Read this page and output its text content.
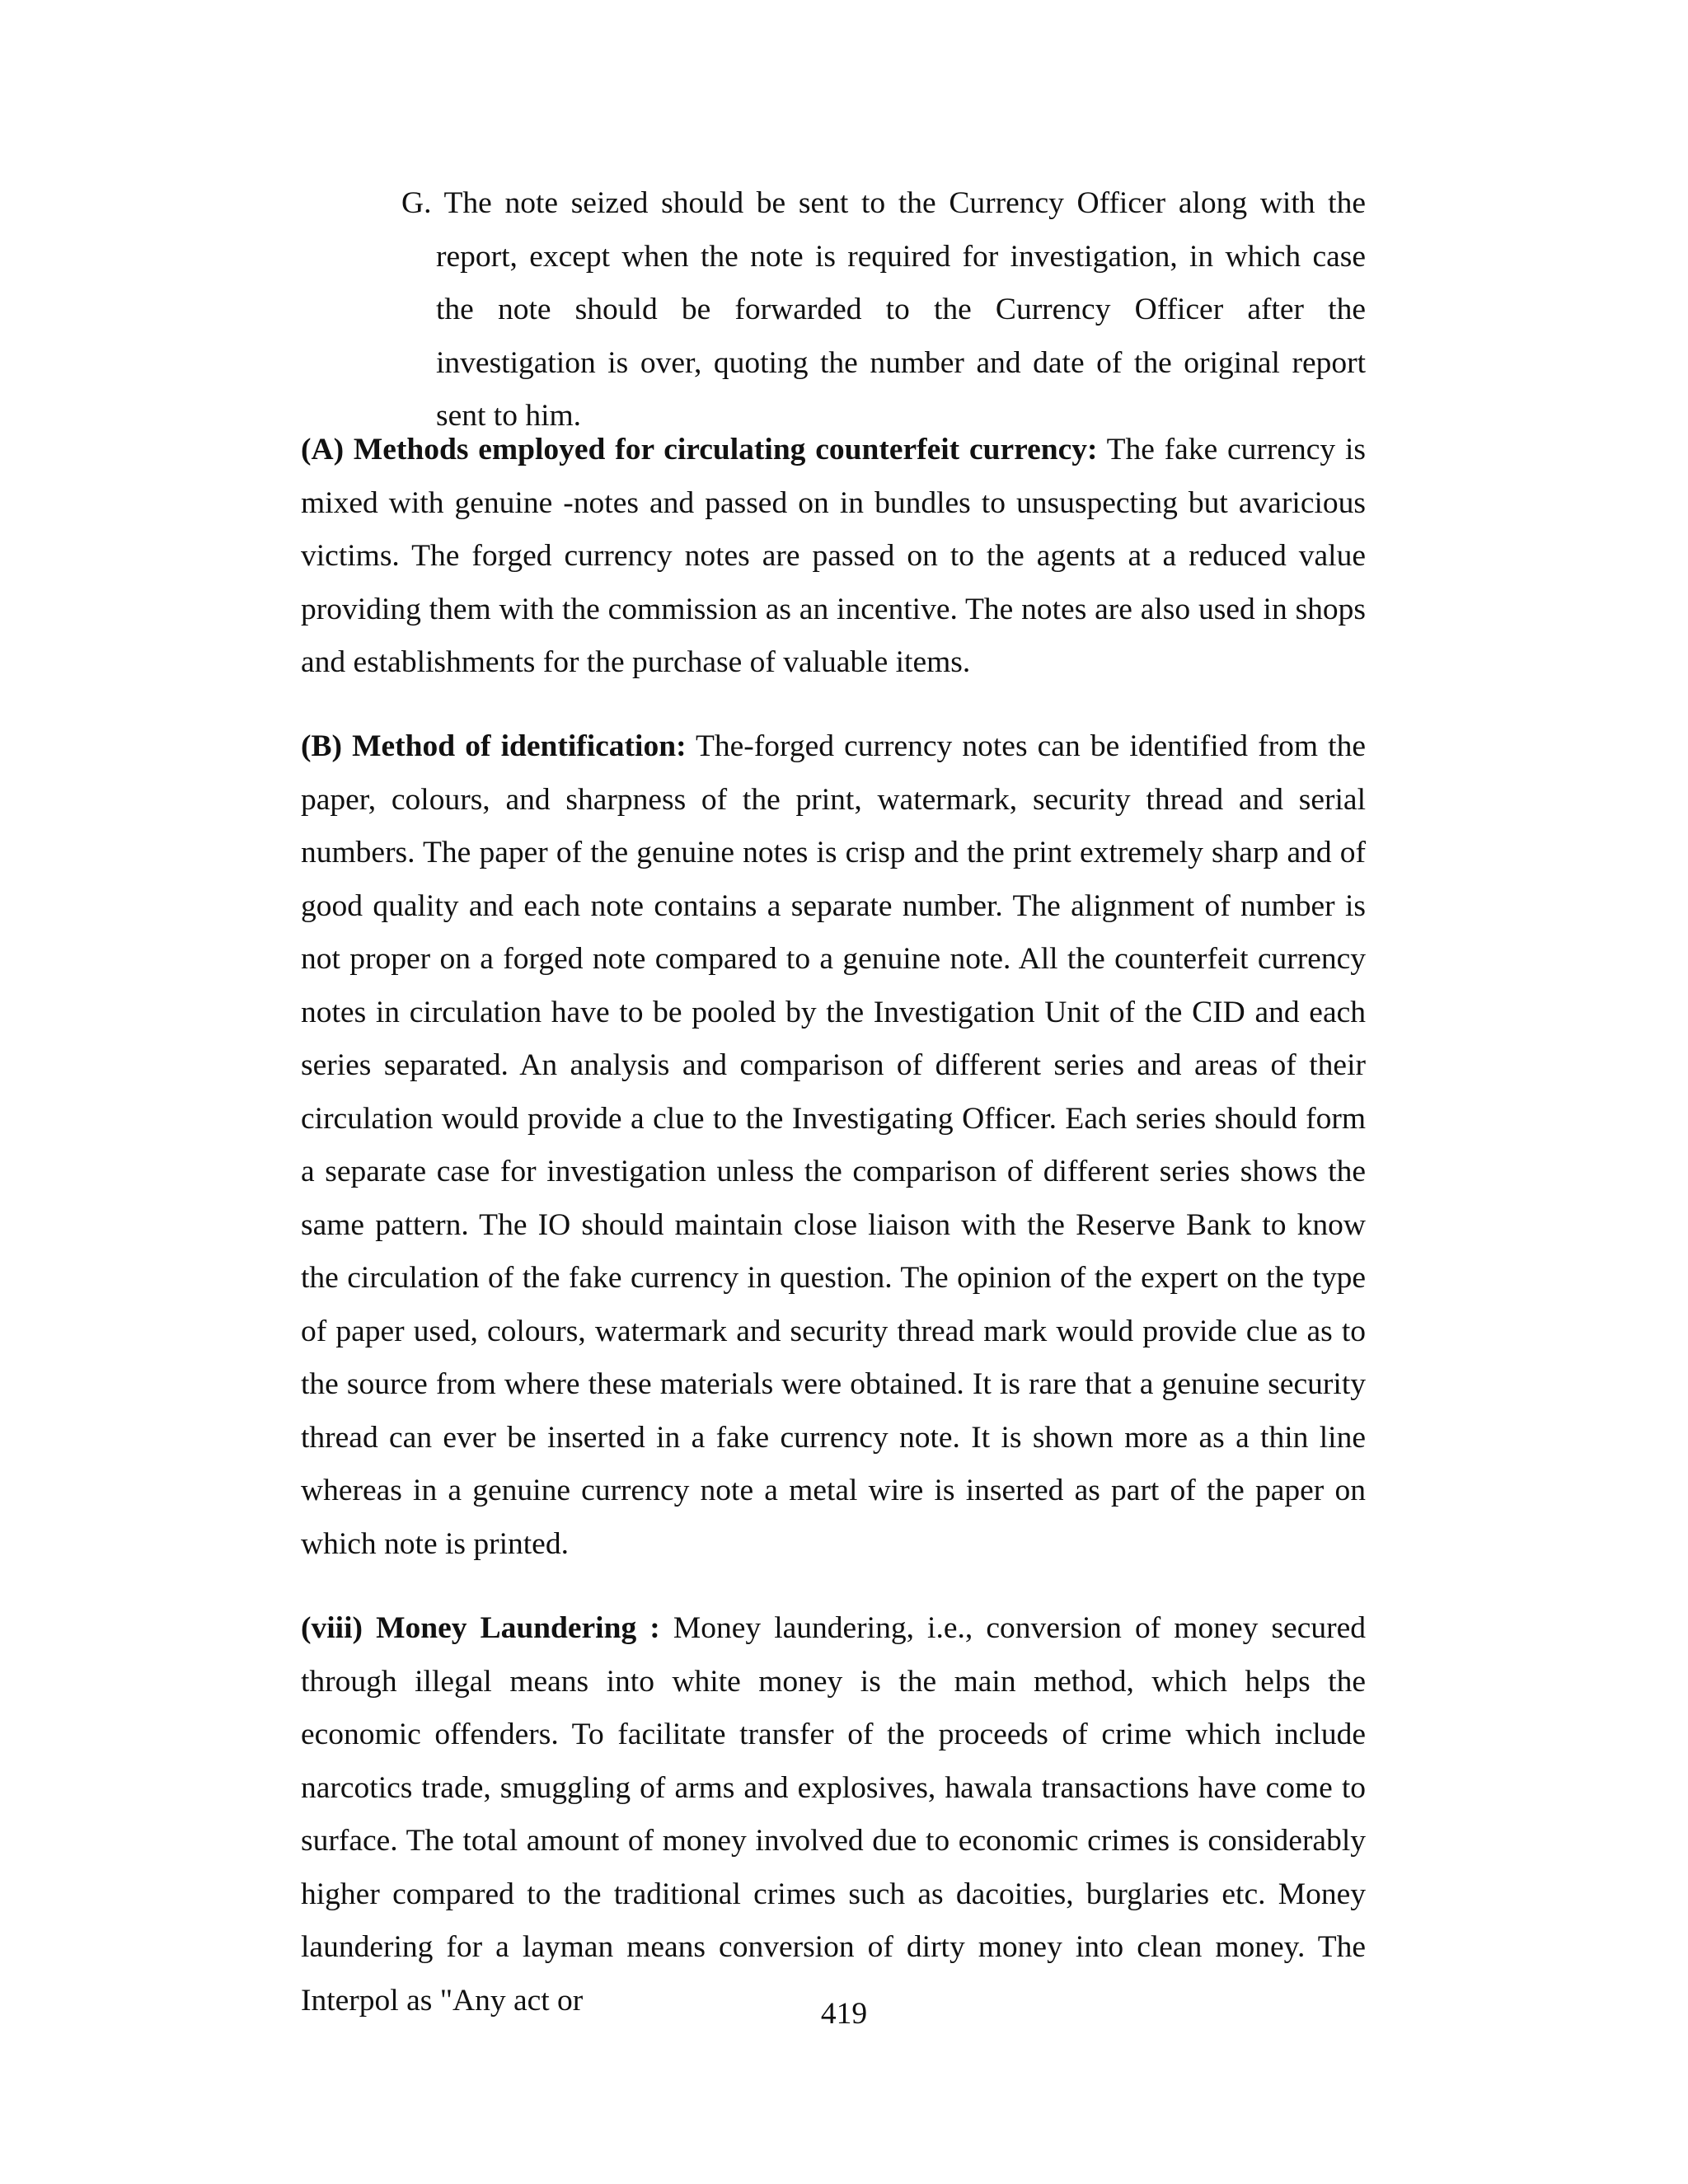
G. The note seized should be sent to the Currency Officer along with the report, except when the note is required for investigation, in which case the note should be forwarded to the Currency Officer after the investigation is over, quoting the number and date of the original report sent to him.

(A) Methods employed for circulating counterfeit currency: The fake currency is mixed with genuine -notes and passed on in bundles to unsuspecting but avaricious victims. The forged currency notes are passed on to the agents at a reduced value providing them with the commission as an incentive. The notes are also used in shops and establishments for the purchase of valuable items.

(B) Method of identification: The-forged currency notes can be identified from the paper, colours, and sharpness of the print, watermark, security thread and serial numbers. The paper of the genuine notes is crisp and the print extremely sharp and of good quality and each note contains a separate number. The alignment of number is not proper on a forged note compared to a genuine note. All the counterfeit currency notes in circulation have to be pooled by the Investigation Unit of the CID and each series separated. An analysis and comparison of different series and areas of their circulation would provide a clue to the Investigating Officer. Each series should form a separate case for investigation unless the comparison of different series shows the same pattern. The IO should maintain close liaison with the Reserve Bank to know the circulation of the fake currency in question. The opinion of the expert on the type of paper used, colours, watermark and security thread mark would provide clue as to the source from where these materials were obtained. It is rare that a genuine security thread can ever be inserted in a fake currency note. It is shown more as a thin line whereas in a genuine currency note a metal wire is inserted as part of the paper on which note is printed.

(viii) Money Laundering : Money laundering, i.e., conversion of money secured through illegal means into white money is the main method, which helps the economic offenders. To facilitate transfer of the proceeds of crime which include narcotics trade, smuggling of arms and explosives, hawala transactions have come to surface. The total amount of money involved due to economic crimes is considerably higher compared to the traditional crimes such as dacoities, burglaries etc. Money laundering for a layman means conversion of dirty money into clean money. The Interpol as "Any act or	419
